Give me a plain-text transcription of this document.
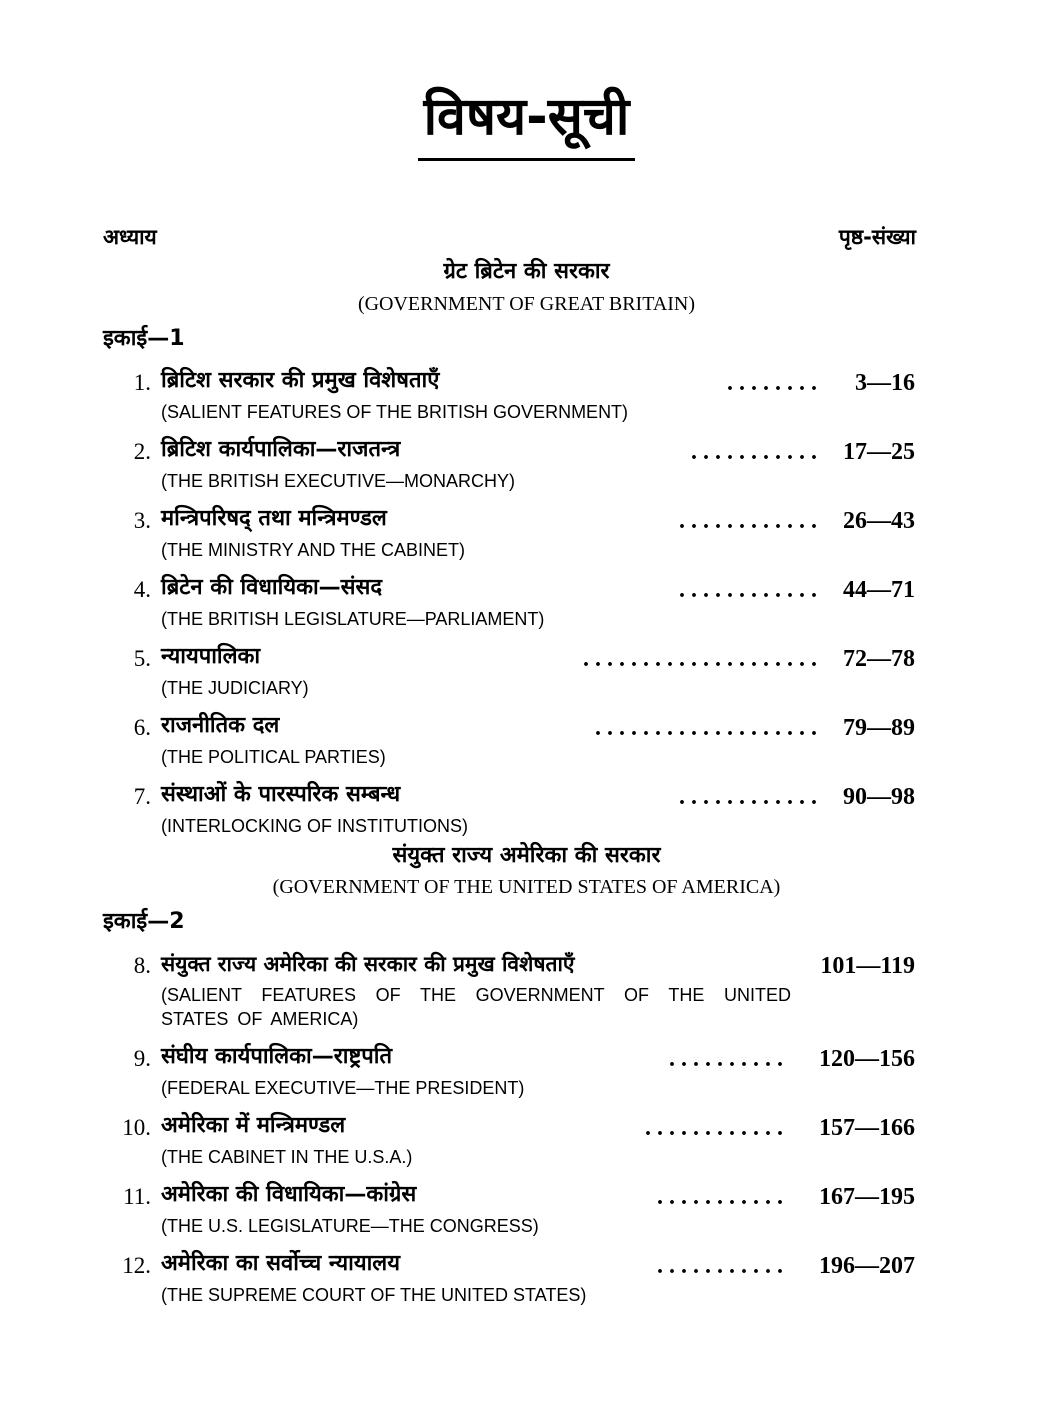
विषय-सूची
अध्याय	पृष्ठ-संख्या
ग्रेट ब्रिटेन की सरकार
(GOVERNMENT OF GREAT BRITAIN)
इकाई—1
1. ब्रिटिश सरकार की प्रमुख विशेषताएँ	. . . . . . . .	3—16
(SALIENT FEATURES OF THE BRITISH GOVERNMENT)
2. ब्रिटिश कार्यपालिका—राजतन्त्र	. . . . . . . . . . .	17—25
(THE BRITISH EXECUTIVE—MONARCHY)
3. मन्त्रिपरिषद् तथा मन्त्रिमण्डल	. . . . . . . . . . . .	26—43
(THE MINISTRY AND THE CABINET)
4. ब्रिटेन की विधायिका—संसद	. . . . . . . . . . . .	44—71
(THE BRITISH LEGISLATURE—PARLIAMENT)
5. न्यायपालिका	. . . . . . . . . . . . . . . . . . . .	72—78
(THE JUDICIARY)
6. राजनीतिक दल	. . . . . . . . . . . . . . . . . . .	79—89
(THE POLITICAL PARTIES)
7. संस्थाओं के पारस्परिक सम्बन्ध	. . . . . . . . . . . .	90—98
(INTERLOCKING OF INSTITUTIONS)
संयुक्त राज्य अमेरिका की सरकार
(GOVERNMENT OF THE UNITED STATES OF AMERICA)
इकाई—2
8. संयुक्त राज्य अमेरिका की सरकार की प्रमुख विशेषताएँ	101—119
(SALIENT FEATURES OF THE GOVERNMENT OF THE UNITED STATES OF AMERICA)
9. संघीय कार्यपालिका—राष्ट्रपति	. . . . . . . . . .	120—156
(FEDERAL EXECUTIVE—THE PRESIDENT)
10. अमेरिका में मन्त्रिमण्डल	. . . . . . . . . . . .	157—166
(THE CABINET IN THE U.S.A.)
11. अमेरिका की विधायिका—कांग्रेस	. . . . . . . . . . .	167—195
(THE U.S. LEGISLATURE—THE CONGRESS)
12. अमेरिका का सर्वोच्च न्यायालय	. . . . . . . . . . .	196—207
(THE SUPREME COURT OF THE UNITED STATES)
